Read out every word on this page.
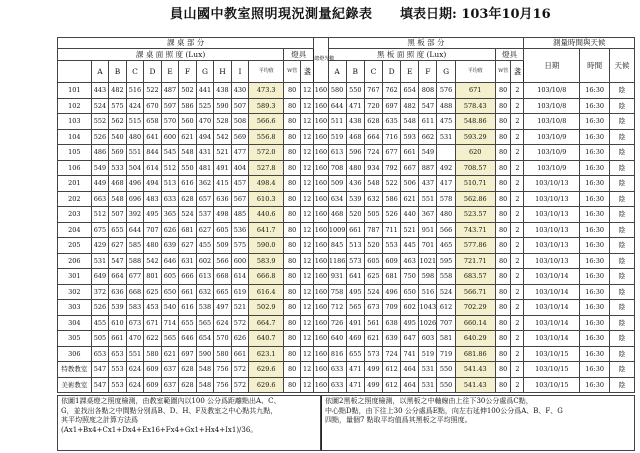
員山國中教室照明現況測量紀錄表 填表日期: 103年10月16
課 桌 部 分													總燈光數	黑 板 部 分										測量時間與天候		
課 桌 面 照 度 (Lux)											燈具			黑 板 面 照 度 (Lux)								燈具		日期	時間	天候
	A	B	C	D	E	F	G	H	I	平均值	W管	盞		A	B	C	D	E	F	G	平均值	W管	盞			
101	443	482	516	522	487	502	441	438	430	473.3	80	12	160	580	550	767	762	654	808	576	671	80	2	103/10/8	16:30	陰
102	524	575	424	670	597	586	525	590	507	589.3	80	12	160	644	471	720	697	482	547	488	578.43	80	2	103/10/8	16:30	陰
103	552	562	515	658	570	560	470	528	508	566.6	80	12	160	511	438	628	635	548	611	475	548.86	80	2	103/10/8	16:30	陰
104	526	540	480	641	600	621	494	542	569	556.8	80	12	160	519	468	664	716	593	662	531	593.29	80	2	103/10/9	16:30	陰
105	486	569	551	844	545	548	431	521	477	572.0	80	12	160	613	596	724	677	661	549		620	80	2	103/10/9	16:30	陰
106	549	533	504	614	512	550	481	491	404	527.8	80	12	160	708	480	934	792	667	887	492	708.57	80	2	103/10/9	16:30	陰
201	449	468	496	494	513	616	362	415	457	498.4	80	12	160	509	436	548	522	506	437	417	510.71	80	2	103/10/13	16:30	陰
202	663	548	696	483	633	628	657	636	567	610.3	80	12	160	634	539	632	586	621	551	578	562.86	80	2	103/10/13	16:30	陰
203	512	507	392	495	365	524	537	498	485	440.6	80	12	160	468	520	505	526	440	367	480	523.57	80	2	103/10/13	16:30	陰
204	675	655	644	707	626	681	627	605	536	641.7	80	12	160	1009	661	787	711	521	951	566	743.71	80	2	103/10/13	16:30	陰
205	429	627	585	480	639	627	455	509	575	590.0	80	12	160	845	513	520	553	445	701	465	577.86	80	2	103/10/13	16:30	陰
206	531	547	588	542	646	631	602	566	600	583.9	80	12	160	1186	573	605	609	463	1021	595	721.71	80	2	103/10/13	16:30	陰
301	649	664	677	801	605	666	613	668	614	666.8	80	12	160	931	641	625	681	750	598	558	683.57	80	2	103/10/14	16:30	陰
302	372	636	668	625	650	661	632	665	619	616.4	80	12	160	758	495	524	496	650	516	524	566.71	80	2	103/10/14	16:30	陰
303	526	539	583	453	540	616	538	497	521	502.9	80	12	160	712	565	673	709	602	1043	612	702.29	80	2	103/10/14	16:30	陰
304	455	610	673	671	714	655	565	624	572	664.7	80	12	160	726	491	561	638	495	1026	707	660.14	80	2	103/10/14	16:30	陰
305	505	661	470	622	565	646	654	570	626	640.7	80	12	160	640	469	621	639	647	603	581	640.29	80	2	103/10/14	16:30	陰
306	653	653	551	580	621	697	590	580	661	623.1	80	12	160	816	655	573	724	741	519	719	681.86	80	2	103/10/15	16:30	陰
特教教室	547	553	624	609	637	628	548	756	572	629.6	80	12	160	633	471	499	612	464	531	550	541.43	80	2	103/10/15	16:30	陰
美術教室	547	553	624	609	637	628	548	756	572	629.6	80	12	160	633	471	499	612	464	531	550	541.43	80	2	103/10/15	16:30	陰
依圖1課桌燈之照度檢測，由教室範圍內以100 公分爲距離點出A、C、
G，並找出各點之中間點分別爲B、D、H、F及教室之中心點共九點，
其平均照度之計算方法爲
(Ax1+Bx4+Cx1+Dx4+Ex16+Fx4+Gx1+Hx4+Ix1)/36。
依圖2黑板之照度檢測，以黑板之中軸線由上往下30公分處爲C點，
中心點D點，由下往上30 公分處爲E點，向左右延伸100公分爲A、B、F、G
四點，量個7 點取平均值爲其黑板之平均照度。
